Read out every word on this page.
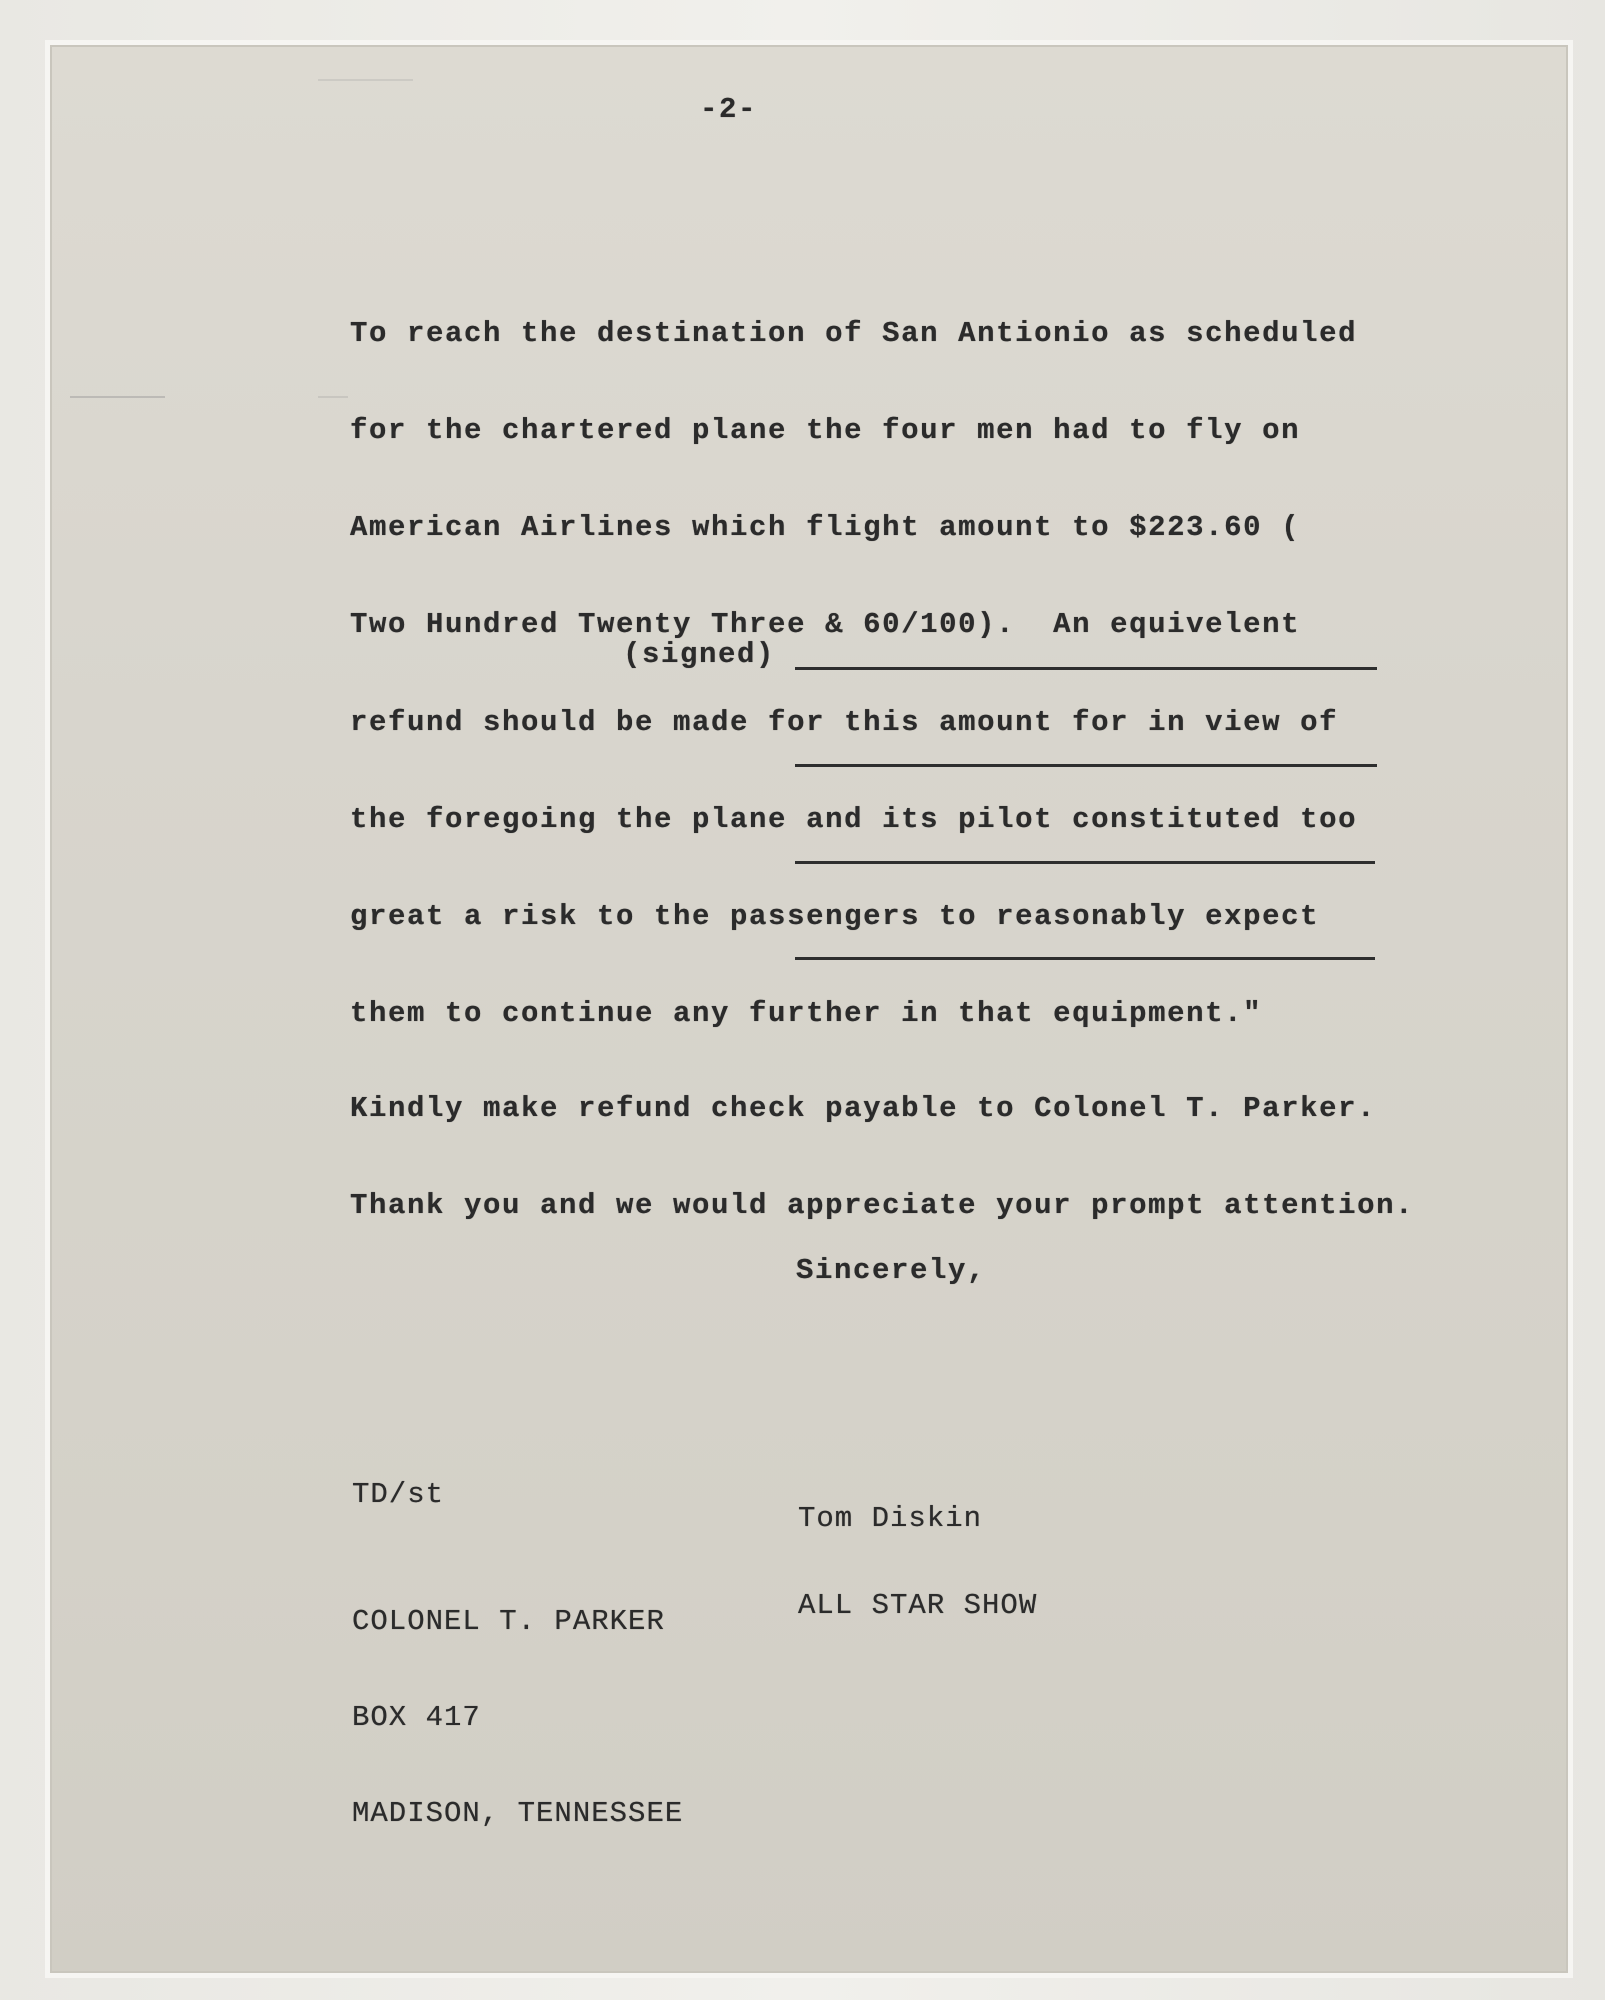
-2-

To reach the destination of San Antionio as scheduled

for the chartered plane the four men had to fly on

American Airlines which flight amount to $223.60 (

Two Hundred Twenty Three & 60/100).  An equivelent

refund should be made for this amount for in view of

the foregoing the plane and its pilot constituted too

great a risk to the passengers to reasonably expect

them to continue any further in that equipment."

(signed)

Kindly make refund check payable to Colonel T. Parker.

Thank you and we would appreciate your prompt attention.

Sincerely,

Tom Diskin

ALL STAR SHOW

TD/st

COLONEL T. PARKER

BOX 417

MADISON, TENNESSEE
